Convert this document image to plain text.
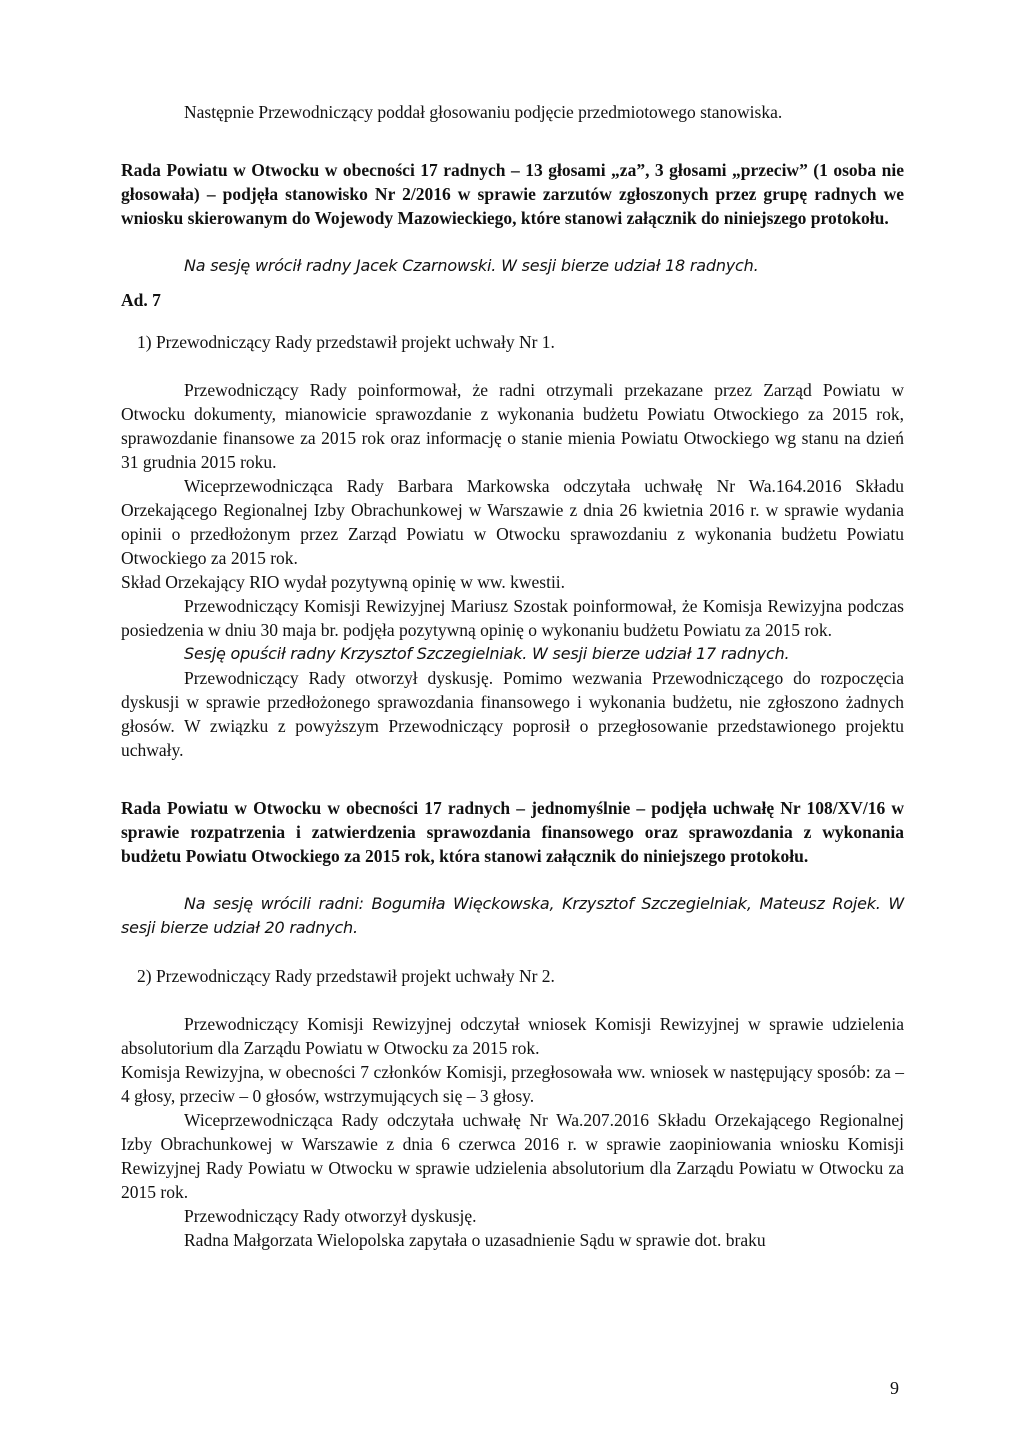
Następnie Przewodniczący poddał głosowaniu podjęcie przedmiotowego stanowiska.

Rada Powiatu w Otwocku w obecności 17 radnych – 13 głosami „za”, 3 głosami „przeciw” (1 osoba nie głosowała) – podjęła stanowisko Nr 2/2016 w sprawie zarzutów zgłoszonych przez grupę radnych we wniosku skierowanym do Wojewody Mazowieckiego, które stanowi załącznik do niniejszego protokołu.

Na sesję wrócił radny Jacek Czarnowski. W sesji bierze udział 18 radnych.

Ad. 7

1) Przewodniczący Rady przedstawił projekt uchwały Nr 1.

Przewodniczący Rady poinformował, że radni otrzymali przekazane przez Zarząd Powiatu w Otwocku dokumenty, mianowicie sprawozdanie z wykonania budżetu Powiatu Otwockiego za 2015 rok, sprawozdanie finansowe za 2015 rok oraz informację o stanie mienia Powiatu Otwockiego wg stanu na dzień 31 grudnia 2015 roku.

Wiceprzewodnicząca Rady Barbara Markowska odczytała uchwałę Nr Wa.164.2016 Składu Orzekającego Regionalnej Izby Obrachunkowej w Warszawie z dnia 26 kwietnia 2016 r. w sprawie wydania opinii o przedłożonym przez Zarząd Powiatu w Otwocku sprawozdaniu z wykonania budżetu Powiatu Otwockiego za 2015 rok.

Skład Orzekający RIO wydał pozytywną opinię w ww. kwestii.

Przewodniczący Komisji Rewizyjnej Mariusz Szostak poinformował, że Komisja Rewizyjna podczas posiedzenia w dniu 30 maja br. podjęła pozytywną opinię o wykonaniu budżetu Powiatu za 2015 rok.

Sesję opuścił radny Krzysztof Szczegielniak. W sesji bierze udział 17 radnych.

Przewodniczący Rady otworzył dyskusję. Pomimo wezwania Przewodniczącego do rozpoczęcia dyskusji w sprawie przedłożonego sprawozdania finansowego i wykonania budżetu, nie zgłoszono żadnych głosów. W związku z powyższym Przewodniczący poprosił o przegłosowanie przedstawionego projektu uchwały.

Rada Powiatu w Otwocku w obecności 17 radnych – jednomyślnie – podjęła uchwałę Nr 108/XV/16 w sprawie rozpatrzenia i zatwierdzenia sprawozdania finansowego oraz sprawozdania z wykonania budżetu Powiatu Otwockiego za 2015 rok, która stanowi załącznik do niniejszego protokołu.

Na sesję wrócili radni: Bogumiła Więckowska, Krzysztof Szczegielniak, Mateusz Rojek. W sesji bierze udział 20 radnych.

2) Przewodniczący Rady przedstawił projekt uchwały Nr 2.

Przewodniczący Komisji Rewizyjnej odczytał wniosek Komisji Rewizyjnej w sprawie udzielenia absolutorium dla Zarządu Powiatu w Otwocku za 2015 rok.

Komisja Rewizyjna, w obecności 7 członków Komisji, przegłosowała ww. wniosek w następujący sposób: za – 4 głosy, przeciw – 0 głosów, wstrzymujących się – 3 głosy.

Wiceprzewodnicząca Rady odczytała uchwałę Nr Wa.207.2016 Składu Orzekającego Regionalnej Izby Obrachunkowej w Warszawie z dnia 6 czerwca 2016 r. w sprawie zaopiniowania wniosku Komisji Rewizyjnej Rady Powiatu w Otwocku w sprawie udzielenia absolutorium dla Zarządu Powiatu w Otwocku za 2015 rok.

Przewodniczący Rady otworzył dyskusję.

Radna Małgorzata Wielopolska zapytała o uzasadnienie Sądu w sprawie dot. braku

9
